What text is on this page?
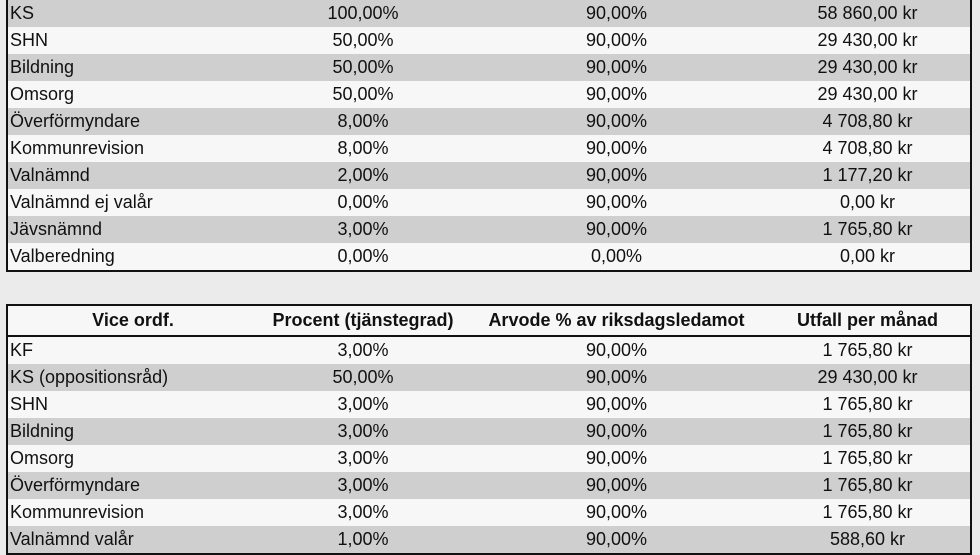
KS	100,00%	90,00%	58 860,00 kr
SHN	50,00%	90,00%	29 430,00 kr
Bildning	50,00%	90,00%	29 430,00 kr
Omsorg	50,00%	90,00%	29 430,00 kr
Överförmyndare	8,00%	90,00%	4 708,80 kr
Kommunrevision	8,00%	90,00%	4 708,80 kr
Valnämnd	2,00%	90,00%	1 177,20 kr
Valnämnd ej valår	0,00%	90,00%	0,00 kr
Jävsnämnd	3,00%	90,00%	1 765,80 kr
Valberedning	0,00%	0,00%	0,00 kr
Vice ordf.	Procent (tjänstegrad)	Arvode % av riksdagsledamot	Utfall per månad
KF	3,00%	90,00%	1 765,80 kr
KS (oppositionsråd)	50,00%	90,00%	29 430,00 kr
SHN	3,00%	90,00%	1 765,80 kr
Bildning	3,00%	90,00%	1 765,80 kr
Omsorg	3,00%	90,00%	1 765,80 kr
Överförmyndare	3,00%	90,00%	1 765,80 kr
Kommunrevision	3,00%	90,00%	1 765,80 kr
Valnämnd valår	1,00%	90,00%	588,60 kr
